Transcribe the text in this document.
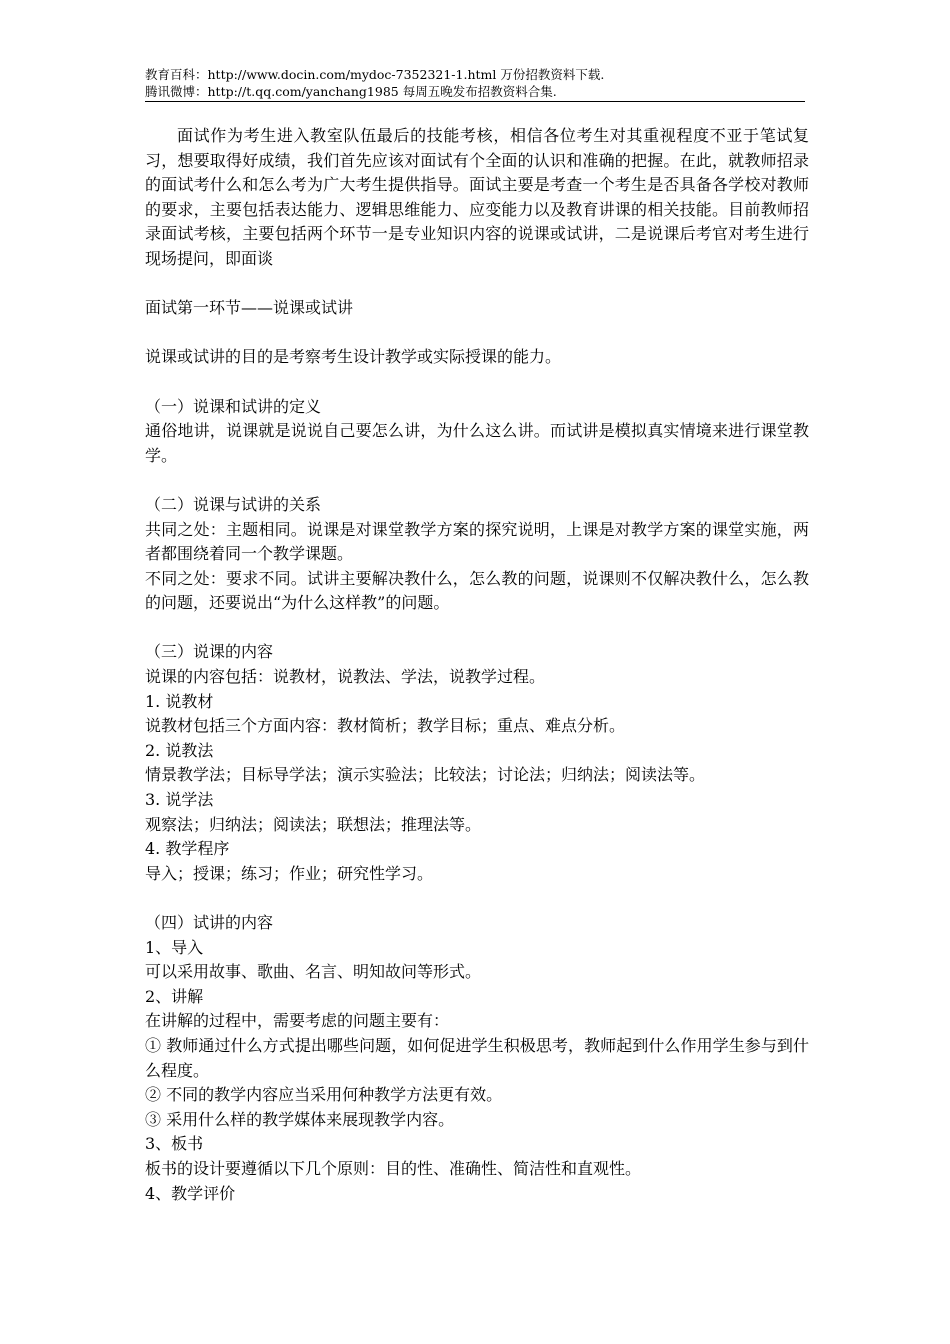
教育百科：http://www.docin.com/mydoc-7352321-1.html 万份招教资料下载.
腾讯微博：http://t.qq.com/yanchang1985 每周五晚发布招教资料合集.

面试作为考生进入教室队伍最后的技能考核，相信各位考生对其重视程度不亚于笔试复习，想要取得好成绩，我们首先应该对面试有个全面的认识和准确的把握。在此，就教师招录的面试考什么和怎么考为广大考生提供指导。面试主要是考查一个考生是否具备各学校对教师的要求，主要包括表达能力、逻辑思维能力、应变能力以及教育讲课的相关技能。目前教师招录面试考核，主要包括两个环节一是专业知识内容的说课或试讲，二是说课后考官对考生进行现场提问，即面谈

面试第一环节——说课或试讲

说课或试讲的目的是考察考生设计教学或实际授课的能力。

（一）说课和试讲的定义

通俗地讲，说课就是说说自己要怎么讲，为什么这么讲。而试讲是模拟真实情境来进行课堂教学。

（二）说课与试讲的关系

共同之处：主题相同。说课是对课堂教学方案的探究说明，上课是对教学方案的课堂实施，两者都围绕着同一个教学课题。

不同之处：要求不同。试讲主要解决教什么，怎么教的问题，说课则不仅解决教什么，怎么教的问题，还要说出“为什么这样教”的问题。

（三）说课的内容

说课的内容包括：说教材，说教法、学法，说教学过程。

1. 说教材

说教材包括三个方面内容：教材简析；教学目标；重点、难点分析。

2. 说教法

情景教学法；目标导学法；演示实验法；比较法；讨论法；归纳法；阅读法等。

3. 说学法

观察法；归纳法；阅读法；联想法；推理法等。

4. 教学程序

导入；授课；练习；作业；研究性学习。

（四）试讲的内容

1、导入

可以采用故事、歌曲、名言、明知故问等形式。

2、讲解

在讲解的过程中，需要考虑的问题主要有：

① 教师通过什么方式提出哪些问题，如何促进学生积极思考，教师起到什么作用学生参与到什么程度。

② 不同的教学内容应当采用何种教学方法更有效。

③ 采用什么样的教学媒体来展现教学内容。

3、板书

板书的设计要遵循以下几个原则：目的性、准确性、简洁性和直观性。

4、教学评价
